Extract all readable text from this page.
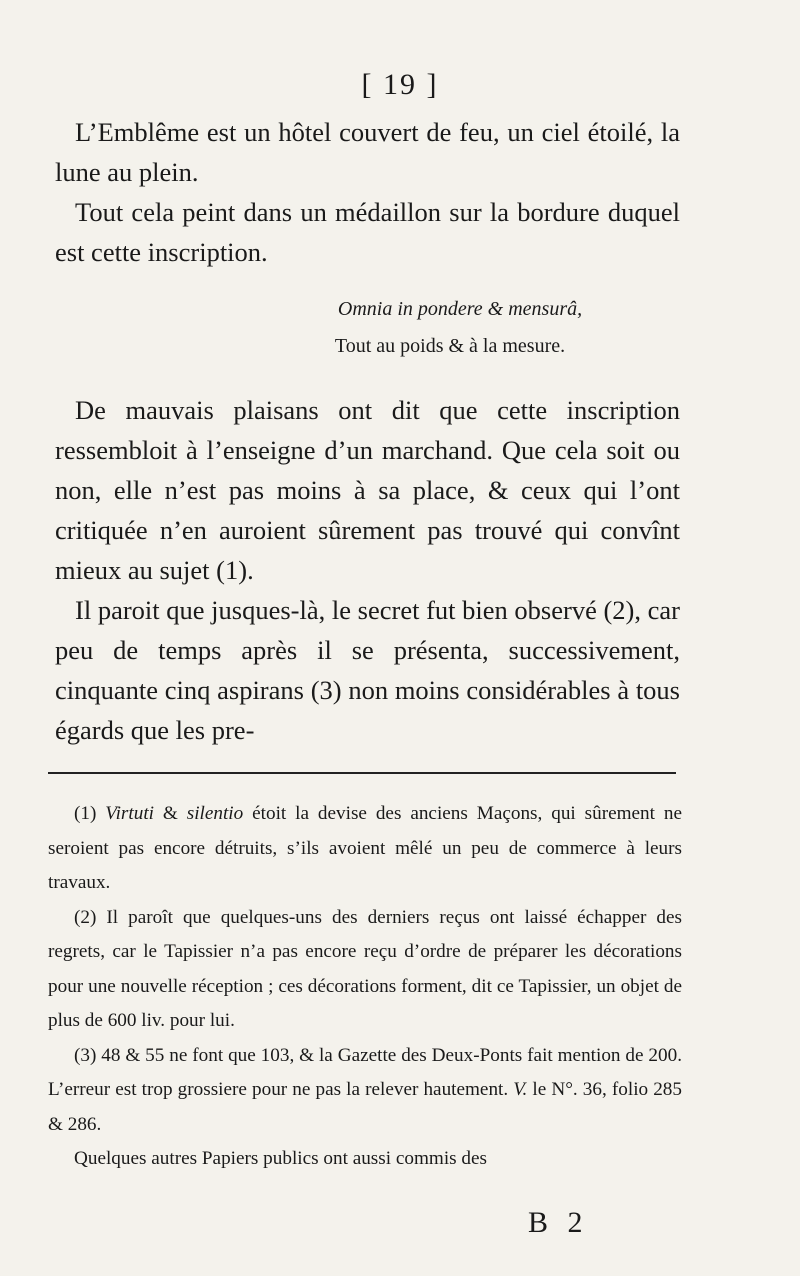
[ 19 ]

L’Emblême est un hôtel couvert de feu, un ciel étoilé, la lune au plein.

Tout cela peint dans un médaillon sur la bordure duquel est cette inscription.

Omnia in pondere & mensurâ,
Tout au poids & à la mesure.

De mauvais plaisans ont dit que cette inscription ressembloit à l’enseigne d’un marchand. Que cela soit ou non, elle n’est pas moins à sa place, & ceux qui l’ont critiquée n’en auroient sûrement pas trouvé qui convînt mieux au sujet (1).

Il paroit que jusques-là, le secret fut bien observé (2), car peu de temps après il se présenta, successivement, cinquante cinq aspirans (3) non moins considérables à tous égards que les pre-

(1) Virtuti & silentio étoit la devise des anciens Maçons, qui sûrement ne seroient pas encore détruits, s’ils avoient mêlé un peu de commerce à leurs travaux.

(2) Il paroît que quelques-uns des derniers reçus ont laissé échapper des regrets, car le Tapissier n’a pas encore reçu d’ordre de préparer les décorations pour une nouvelle réception ; ces décorations forment, dit ce Tapissier, un objet de plus de 600 liv. pour lui.

(3) 48 & 55 ne font que 103, & la Gazette des Deux-Ponts fait mention de 200. L’erreur est trop grossiere pour ne pas la relever hautement. V. le N°. 36, folio 285 & 286.

Quelques autres Papiers publics ont aussi commis des

B 2
